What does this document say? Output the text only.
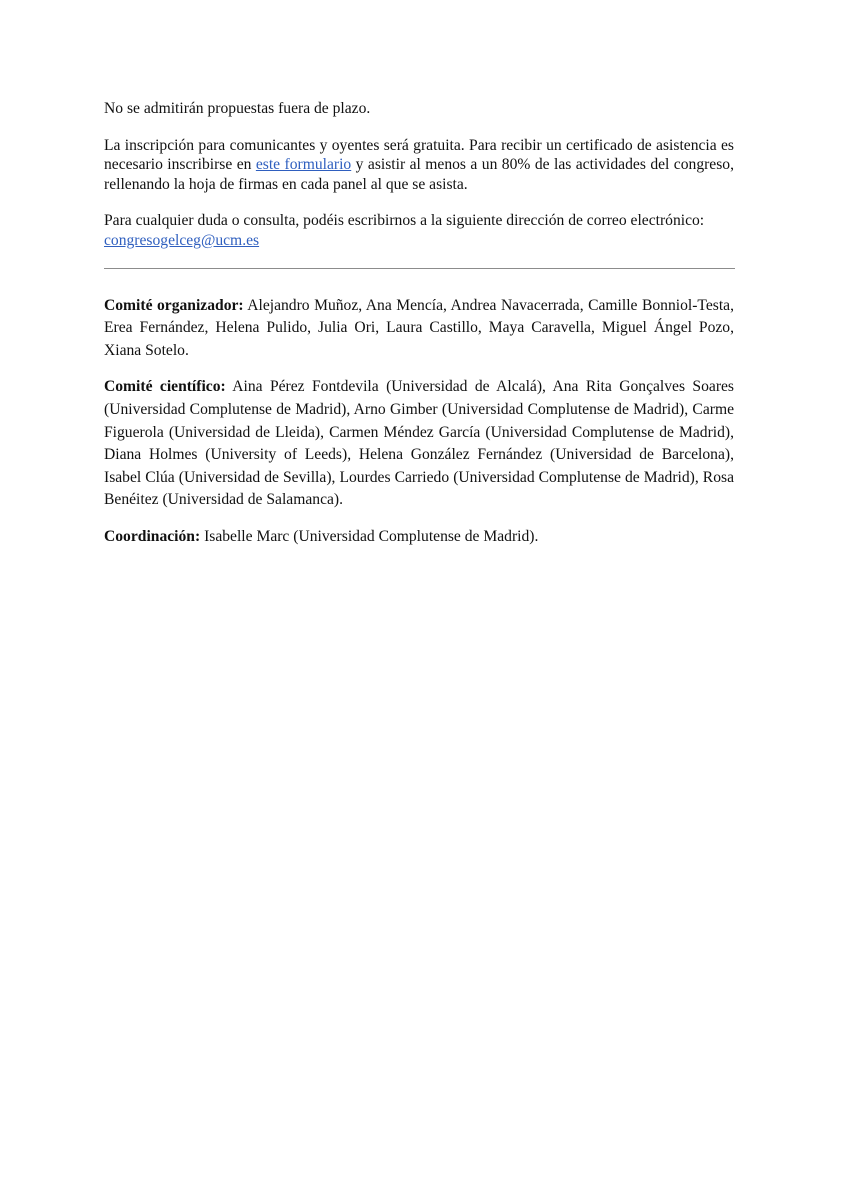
No se admitirán propuestas fuera de plazo.

La inscripción para comunicantes y oyentes será gratuita. Para recibir un certificado de asistencia es necesario inscribirse en este formulario y asistir al menos a un 80% de las actividades del congreso, rellenando la hoja de firmas en cada panel al que se asista.

Para cualquier duda o consulta, podéis escribirnos a la siguiente dirección de correo electrónico: congresogelceg@ucm.es

Comité organizador: Alejandro Muñoz, Ana Mencía, Andrea Navacerrada, Camille Bonniol-Testa, Erea Fernández, Helena Pulido, Julia Ori, Laura Castillo, Maya Caravella, Miguel Ángel Pozo, Xiana Sotelo.

Comité científico: Aina Pérez Fontdevila (Universidad de Alcalá), Ana Rita Gonçalves Soares (Universidad Complutense de Madrid), Arno Gimber (Universidad Complutense de Madrid), Carme Figuerola (Universidad de Lleida), Carmen Méndez García (Universidad Complutense de Madrid), Diana Holmes (University of Leeds), Helena González Fernández (Universidad de Barcelona), Isabel Clúa (Universidad de Sevilla), Lourdes Carriedo (Universidad Complutense de Madrid), Rosa Benéitez (Universidad de Salamanca).

Coordinación: Isabelle Marc (Universidad Complutense de Madrid).
